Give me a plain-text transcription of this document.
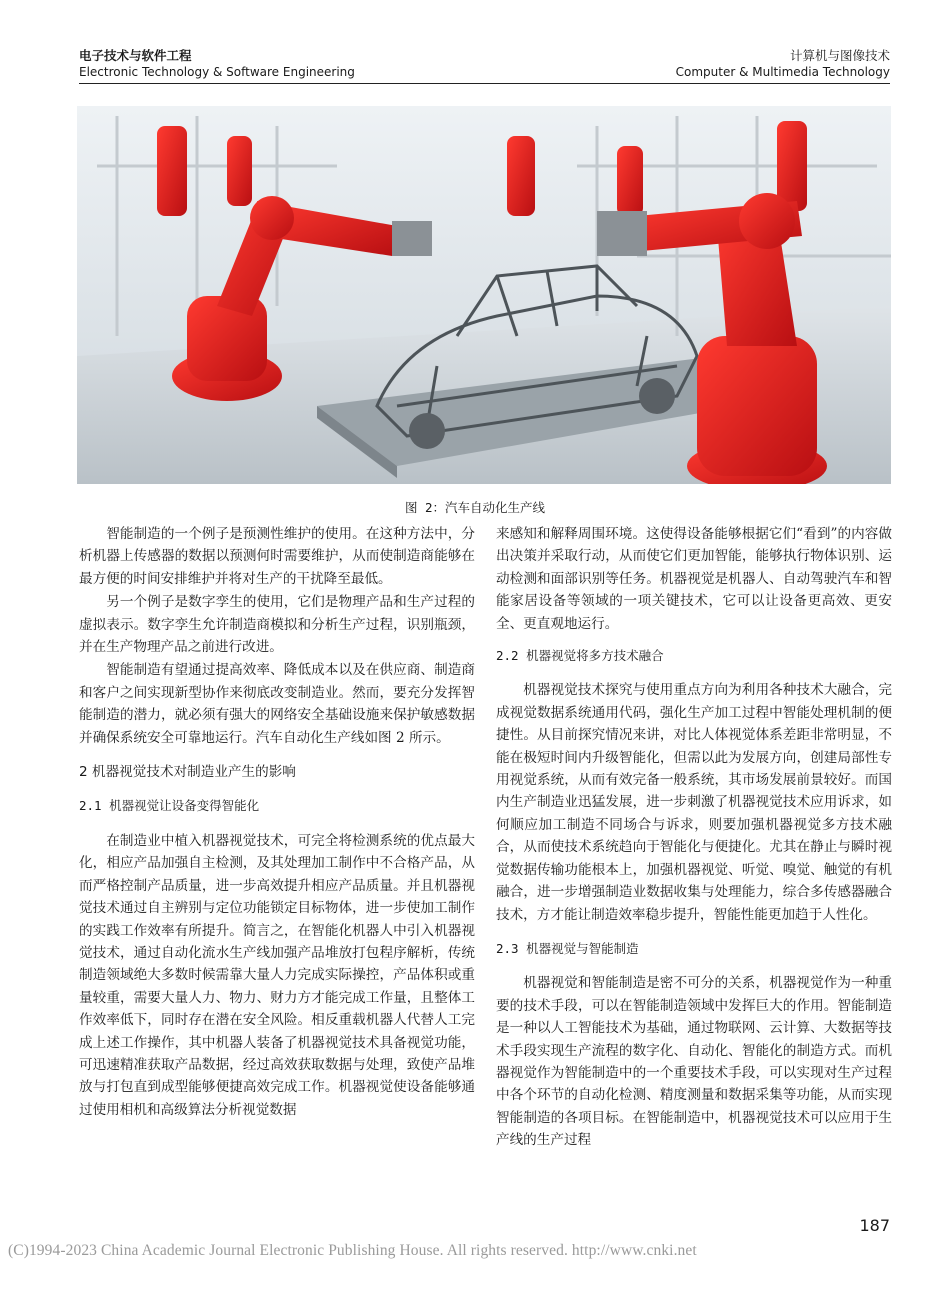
电子技术与软件工程
Electronic Technology & Software Engineering
计算机与图像技术
Computer & Multimedia Technology
图 2：汽车自动化生产线

智能制造的一个例子是预测性维护的使用。在这种方法中，分析机器上传感器的数据以预测何时需要维护，从而使制造商能够在最方便的时间安排维护并将对生产的干扰降至最低。

另一个例子是数字孪生的使用，它们是物理产品和生产过程的虚拟表示。数字孪生允许制造商模拟和分析生产过程，识别瓶颈，并在生产物理产品之前进行改进。

智能制造有望通过提高效率、降低成本以及在供应商、制造商和客户之间实现新型协作来彻底改变制造业。然而，要充分发挥智能制造的潜力，就必须有强大的网络安全基础设施来保护敏感数据并确保系统安全可靠地运行。汽车自动化生产线如图 2 所示。

2 机器视觉技术对制造业产生的影响
2.1 机器视觉让设备变得智能化

在制造业中植入机器视觉技术，可完全将检测系统的优点最大化，相应产品加强自主检测，及其处理加工制作中不合格产品，从而严格控制产品质量，进一步高效提升相应产品质量。并且机器视觉技术通过自主辨别与定位功能锁定目标物体，进一步使加工制作的实践工作效率有所提升。简言之，在智能化机器人中引入机器视觉技术，通过自动化流水生产线加强产品堆放打包程序解析，传统制造领域绝大多数时候需靠大量人力完成实际操控，产品体积或重量较重，需要大量人力、物力、财力方才能完成工作量，且整体工作效率低下，同时存在潜在安全风险。相反重载机器人代替人工完成上述工作操作，其中机器人装备了机器视觉技术具备视觉功能，可迅速精准获取产品数据，经过高效获取数据与处理，致使产品堆放与打包直到成型能够便捷高效完成工作。机器视觉使设备能够通过使用相机和高级算法分析视觉数据

来感知和解释周围环境。这使得设备能够根据它们“看到”的内容做出决策并采取行动，从而使它们更加智能，能够执行物体识别、运动检测和面部识别等任务。机器视觉是机器人、自动驾驶汽车和智能家居设备等领域的一项关键技术，它可以让设备更高效、更安全、更直观地运行。

2.2 机器视觉将多方技术融合

机器视觉技术探究与使用重点方向为利用各种技术大融合，完成视觉数据系统通用代码，强化生产加工过程中智能处理机制的便捷性。从目前探究情况来讲，对比人体视觉体系差距非常明显，不能在极短时间内升级智能化，但需以此为发展方向，创建局部性专用视觉系统，从而有效完备一般系统，其市场发展前景较好。而国内生产制造业迅猛发展，进一步刺激了机器视觉技术应用诉求，如何顺应加工制造不同场合与诉求，则要加强机器视觉多方技术融合，从而使技术系统趋向于智能化与便捷化。尤其在静止与瞬时视觉数据传输功能根本上，加强机器视觉、听觉、嗅觉、触觉的有机融合，进一步增强制造业数据收集与处理能力，综合多传感器融合技术，方才能让制造效率稳步提升，智能性能更加趋于人性化。

2.3 机器视觉与智能制造

机器视觉和智能制造是密不可分的关系，机器视觉作为一种重要的技术手段，可以在智能制造领域中发挥巨大的作用。智能制造是一种以人工智能技术为基础，通过物联网、云计算、大数据等技术手段实现生产流程的数字化、自动化、智能化的制造方式。而机器视觉作为智能制造中的一个重要技术手段，可以实现对生产过程中各个环节的自动化检测、精度测量和数据采集等功能，从而实现智能制造的各项目标。在智能制造中，机器视觉技术可以应用于生产线的生产过程

187
(C)1994-2023 China Academic Journal Electronic Publishing House. All rights reserved. http://www.cnki.net
